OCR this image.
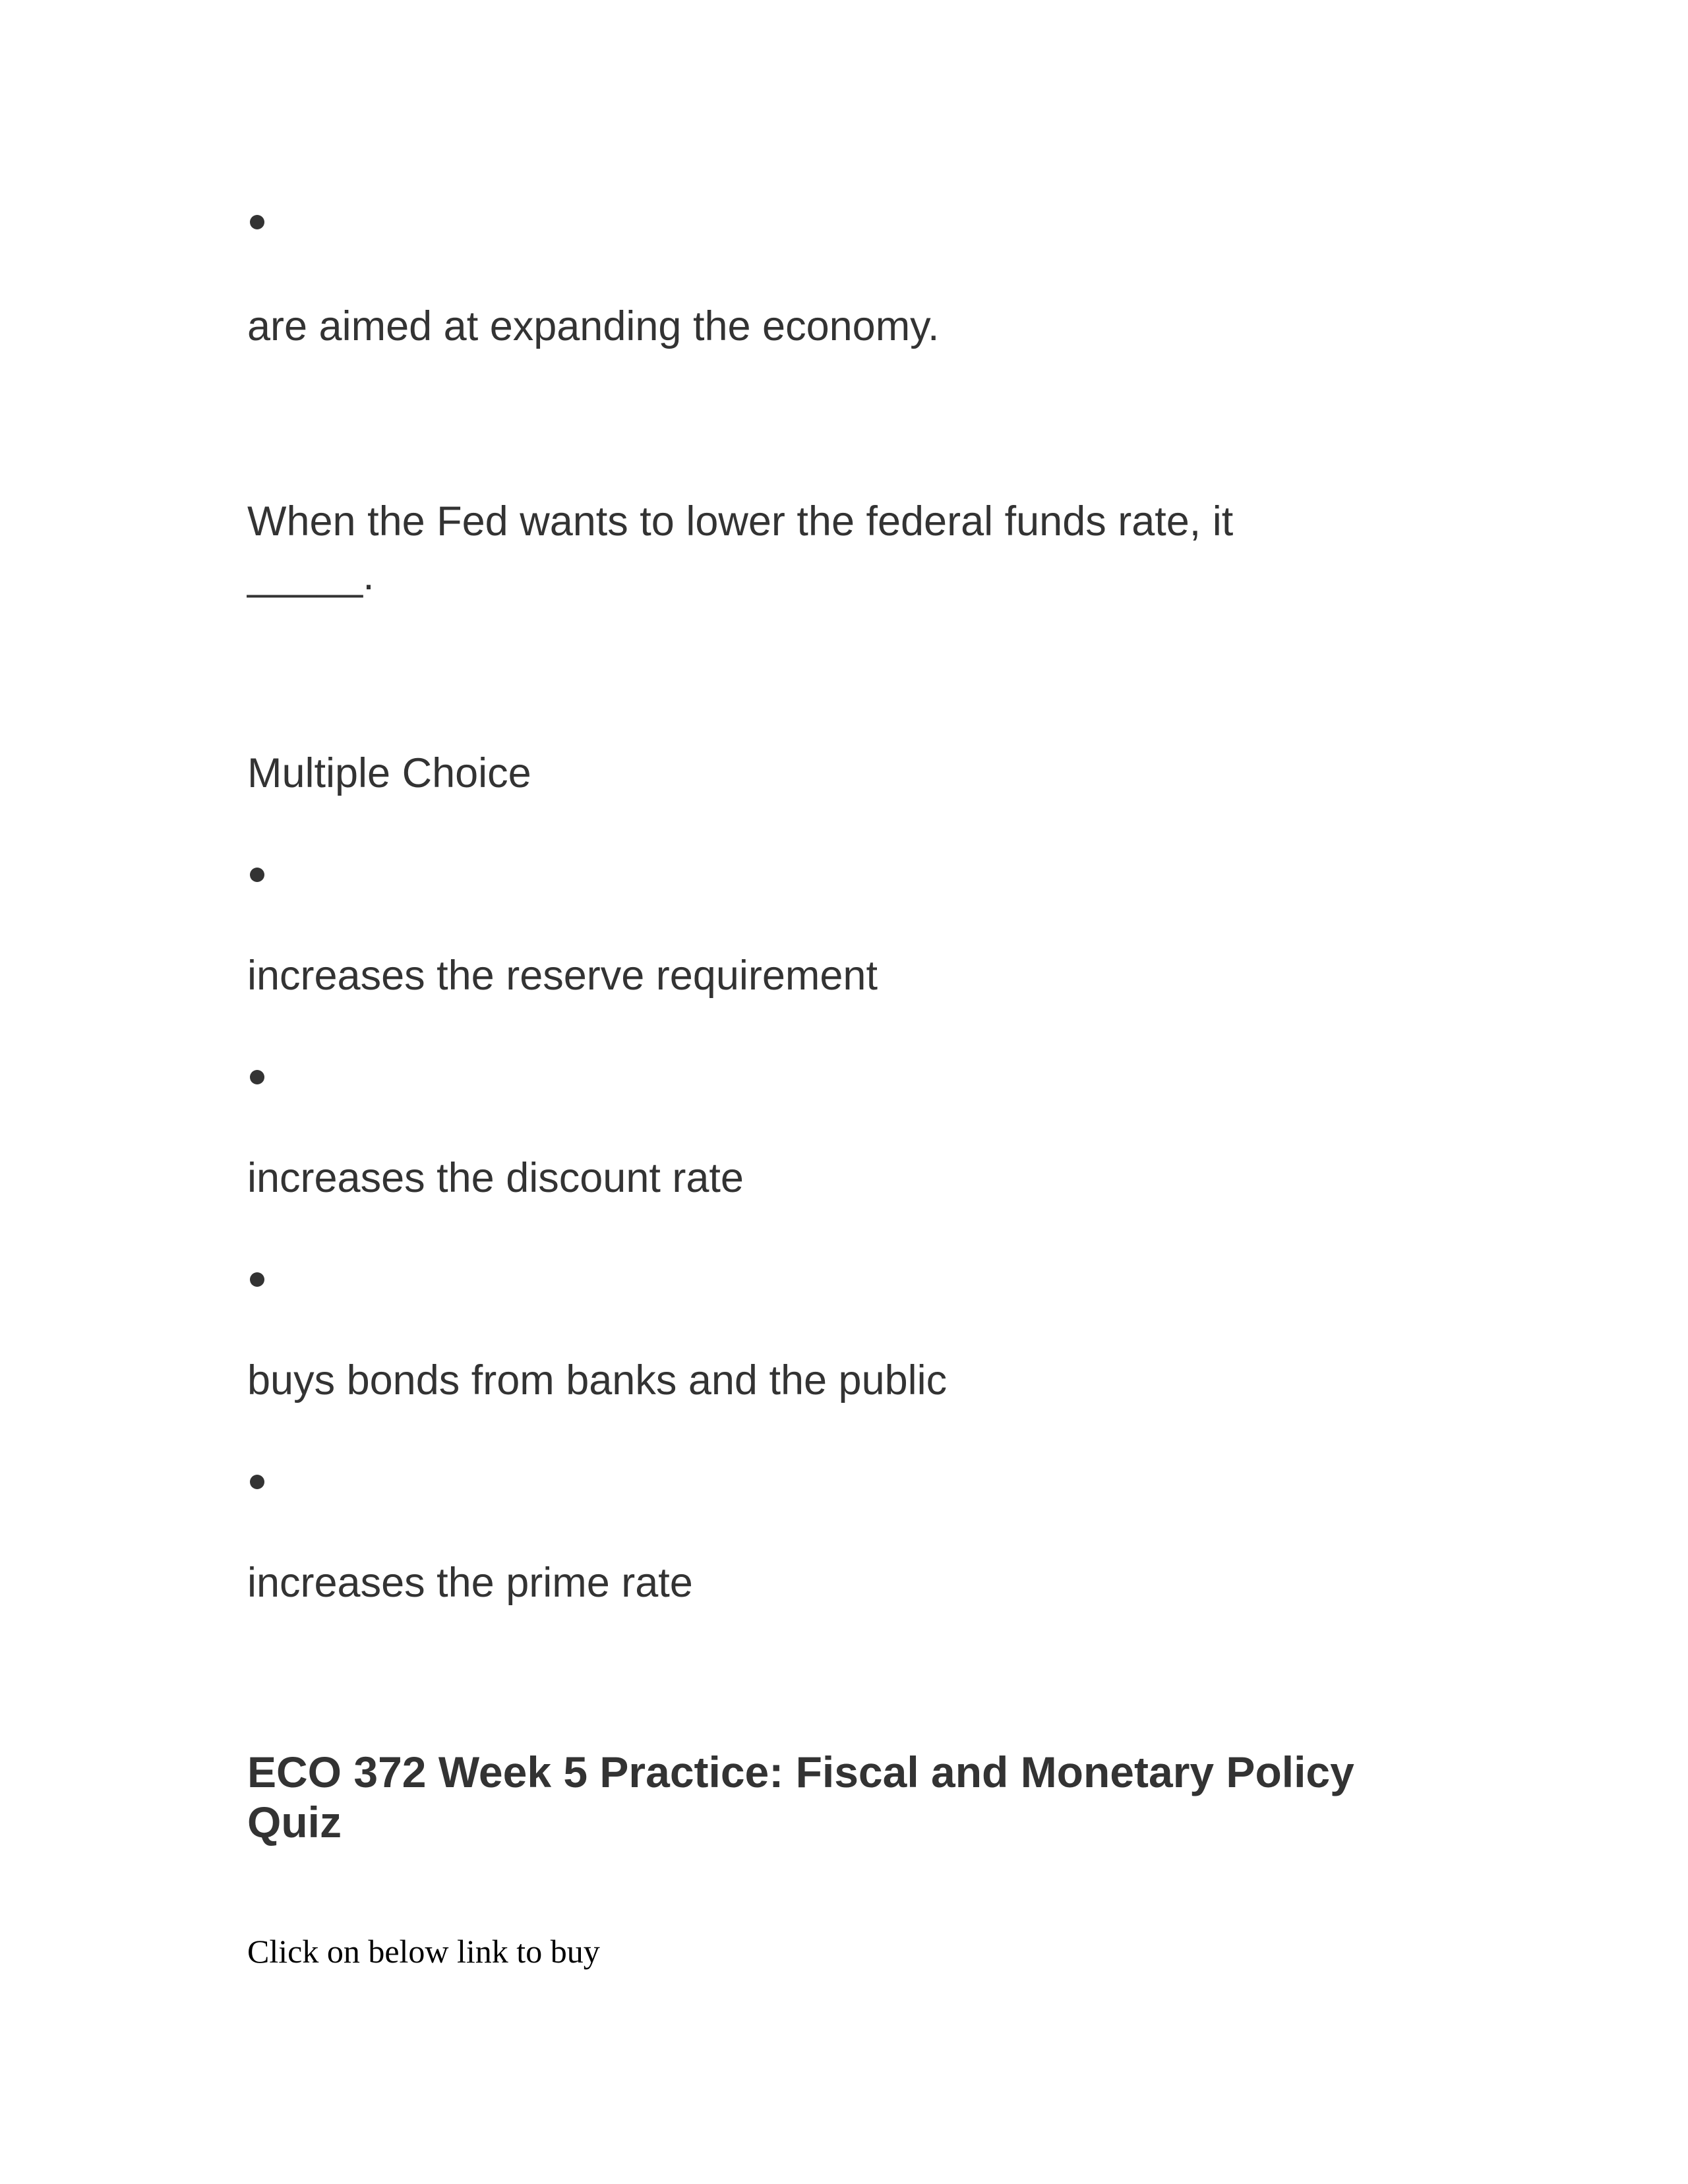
are aimed at expanding the economy.
When the Fed wants to lower the federal funds rate, it _____.
Multiple Choice
increases the reserve requirement
increases the discount rate
buys bonds from banks and the public
increases the prime rate
ECO 372 Week 5 Practice: Fiscal and Monetary Policy Quiz
Click on below link to buy
